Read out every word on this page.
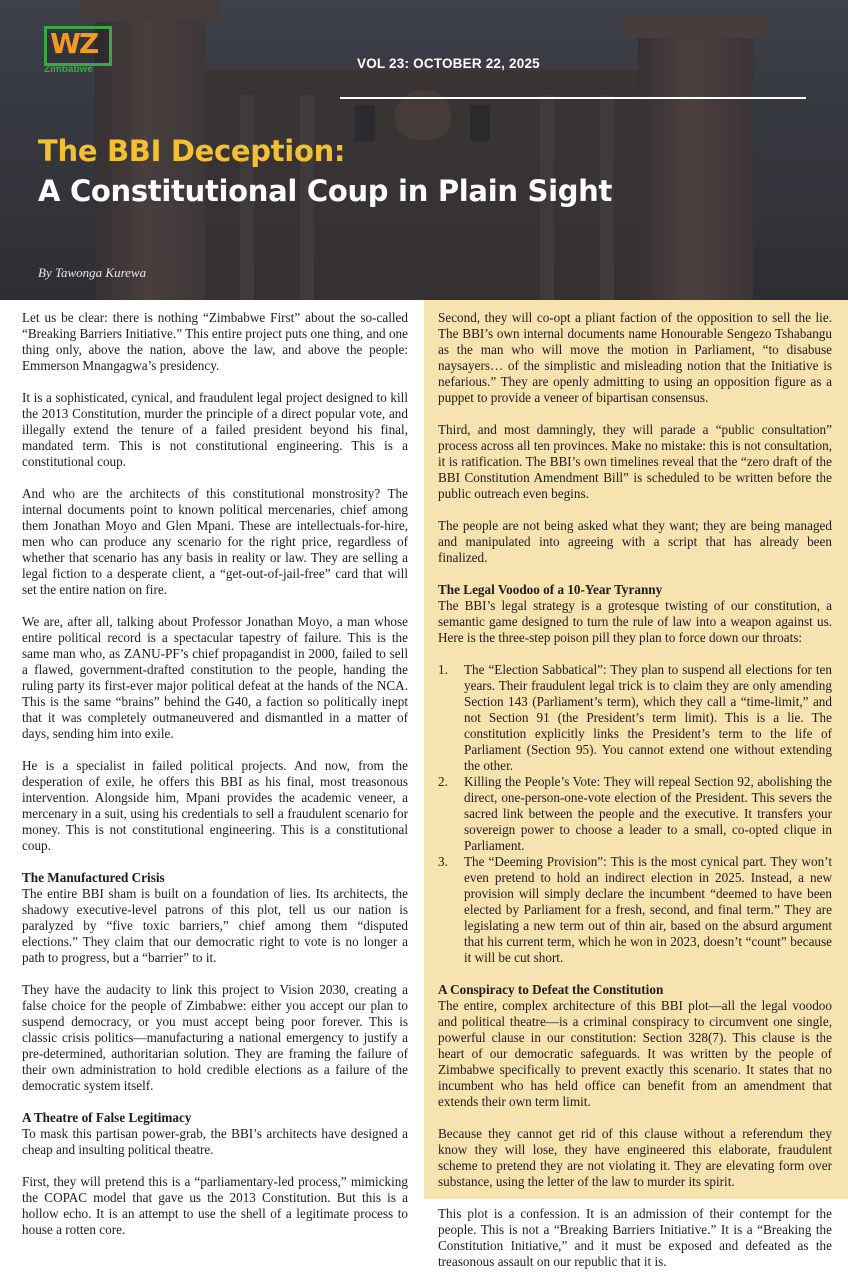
WZ
Zimbabwe	VOL 23: OCTOBER 22, 2025
The BBI Deception:
A Constitutional Coup in Plain Sight
By Tawonga Kurewa

Let us be clear: there is nothing “Zimbabwe First” about the so-called “Breaking Barriers Initiative.” This entire project puts one thing, and one thing only, above the nation, above the law, and above the people: Emmerson Mnangagwa’s presidency.

It is a sophisticated, cynical, and fraudulent legal project designed to kill the 2013 Constitution, murder the principle of a direct popular vote, and illegally extend the tenure of a failed president beyond his final, mandated term. This is not constitutional engineering. This is a constitutional coup.

And who are the architects of this constitutional monstrosity? The internal documents point to known political mercenaries, chief among them Jonathan Moyo and Glen Mpani. These are intellectuals-for-hire, men who can produce any scenario for the right price, regardless of whether that scenario has any basis in reality or law. They are selling a legal fiction to a desperate client, a “get-out-of-jail-free” card that will set the entire nation on fire.

We are, after all, talking about Professor Jonathan Moyo, a man whose entire political record is a spectacular tapestry of failure. This is the same man who, as ZANU-PF’s chief propagandist in 2000, failed to sell a flawed, government-drafted constitution to the people, handing the ruling party its first-ever major political defeat at the hands of the NCA. This is the same “brains” behind the G40, a faction so politically inept that it was completely outmaneuvered and dismantled in a matter of days, sending him into exile.

He is a specialist in failed political projects. And now, from the desperation of exile, he offers this BBI as his final, most treasonous intervention. Alongside him, Mpani provides the academic veneer, a mercenary in a suit, using his credentials to sell a fraudulent scenario for money. This is not constitutional engineering. This is a constitutional coup.

The Manufactured Crisis

The entire BBI sham is built on a foundation of lies. Its architects, the shadowy executive-level patrons of this plot, tell us our nation is paralyzed by “five toxic barriers,” chief among them “disputed elections.” They claim that our democratic right to vote is no longer a path to progress, but a “barrier” to it.

They have the audacity to link this project to Vision 2030, creating a false choice for the people of Zimbabwe: either you accept our plan to suspend democracy, or you must accept being poor forever. This is classic crisis politics—manufacturing a national emergency to justify a pre-determined, authoritarian solution. They are framing the failure of their own administration to hold credible elections as a failure of the democratic system itself.

A Theatre of False Legitimacy

To mask this partisan power-grab, the BBI’s architects have designed a cheap and insulting political theatre.

First, they will pretend this is a “parliamentary-led process,” mimicking the COPAC model that gave us the 2013 Constitution. But this is a hollow echo. It is an attempt to use the shell of a legitimate process to house a rotten core.

Second, they will co-opt a pliant faction of the opposition to sell the lie. The BBI’s own internal documents name Honourable Sengezo Tshabangu as the man who will move the motion in Parliament, “to disabuse naysayers… of the simplistic and misleading notion that the Initiative is nefarious.” They are openly admitting to using an opposition figure as a puppet to provide a veneer of bipartisan consensus.

Third, and most damningly, they will parade a “public consultation” process across all ten provinces. Make no mistake: this is not consultation, it is ratification. The BBI’s own timelines reveal that the “zero draft of the BBI Constitution Amendment Bill” is scheduled to be written before the public outreach even begins.

The people are not being asked what they want; they are being managed and manipulated into agreeing with a script that has already been finalized.

The Legal Voodoo of a 10-Year Tyranny

The BBI’s legal strategy is a grotesque twisting of our constitution, a semantic game designed to turn the rule of law into a weapon against us. Here is the three-step poison pill they plan to force down our throats:

1. The “Election Sabbatical”: They plan to suspend all elections for ten years. Their fraudulent legal trick is to claim they are only amending Section 143 (Parliament’s term), which they call a “time-limit,” and not Section 91 (the President’s term limit). This is a lie. The constitution explicitly links the President’s term to the life of Parliament (Section 95). You cannot extend one without extending the other.
2. Killing the People’s Vote: They will repeal Section 92, abolishing the direct, one-person-one-vote election of the President. This severs the sacred link between the people and the executive. It transfers your sovereign power to choose a leader to a small, co-opted clique in Parliament.
3. The “Deeming Provision”: This is the most cynical part. They won’t even pretend to hold an indirect election in 2025. Instead, a new provision will simply declare the incumbent “deemed to have been elected by Parliament for a fresh, second, and final term.” They are legislating a new term out of thin air, based on the absurd argument that his current term, which he won in 2023, doesn’t “count” because it will be cut short.

A Conspiracy to Defeat the Constitution

The entire, complex architecture of this BBI plot—all the legal voodoo and political theatre—is a criminal conspiracy to circumvent one single, powerful clause in our constitution: Section 328(7). This clause is the heart of our democratic safeguards. It was written by the people of Zimbabwe specifically to prevent exactly this scenario. It states that no incumbent who has held office can benefit from an amendment that extends their own term limit.

Because they cannot get rid of this clause without a referendum they know they will lose, they have engineered this elaborate, fraudulent scheme to pretend they are not violating it. They are elevating form over substance, using the letter of the law to murder its spirit.

This plot is a confession. It is an admission of their contempt for the people. This is not a “Breaking Barriers Initiative.” It is a “Breaking the Constitution Initiative,” and it must be exposed and defeated as the treasonous assault on our republic that it is.
